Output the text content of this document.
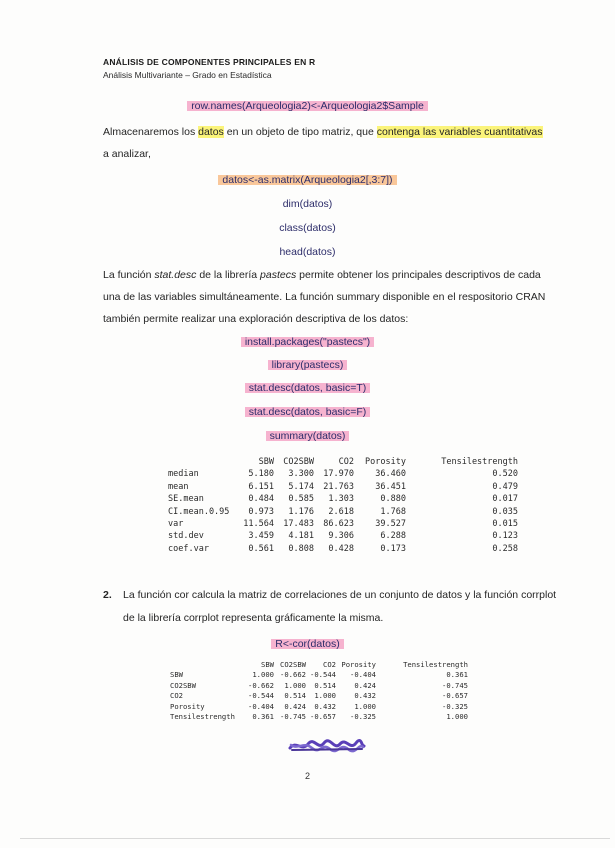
ANÁLISIS DE COMPONENTES PRINCIPALES EN R
Análisis Multivariante – Grado en Estadística
row.names(Arqueologia2)<-Arqueologia2$Sample
Almacenaremos los datos en un objeto de tipo matriz, que contenga las variables cuantitativas
a analizar,
datos<-as.matrix(Arqueologia2[,3:7])
dim(datos)
class(datos)
head(datos)
La función stat.desc de la librería pastecs permite obtener los principales descriptivos de cada una de las variables simultáneamente. La función summary disponible en el respositorio CRAN también permite realizar una exploración descriptiva de los datos:
install.packages("pastecs")
library(pastecs)
stat.desc(datos, basic=T)
stat.desc(datos, basic=F)
summary(datos)
	SBW	CO2SBW	CO2	Porosity	Tensilestrength
median	5.180	3.300	17.970	36.460	0.520
mean	6.151	5.174	21.763	36.451	0.479
SE.mean	0.484	0.585	1.303	0.880	0.017
CI.mean.0.95	0.973	1.176	2.618	1.768	0.035
var	11.564	17.483	86.623	39.527	0.015
std.dev	3.459	4.181	9.306	6.288	0.123
coef.var	0.561	0.808	0.428	0.173	0.258
2. La función cor calcula la matriz de correlaciones de un conjunto de datos y la función corrplot
de la librería corrplot representa gráficamente la misma.
R<-cor(datos)
	SBW	CO2SBW	CO2	Porosity	Tensilestrength
SBW	1.000	-0.662	-0.544	-0.404	0.361
CO2SBW	-0.662	1.000	0.514	0.424	-0.745
CO2	-0.544	0.514	1.000	0.432	-0.657
Porosity	-0.404	0.424	0.432	1.000	-0.325
Tensilestrength	0.361	-0.745	-0.657	-0.325	1.000
2
